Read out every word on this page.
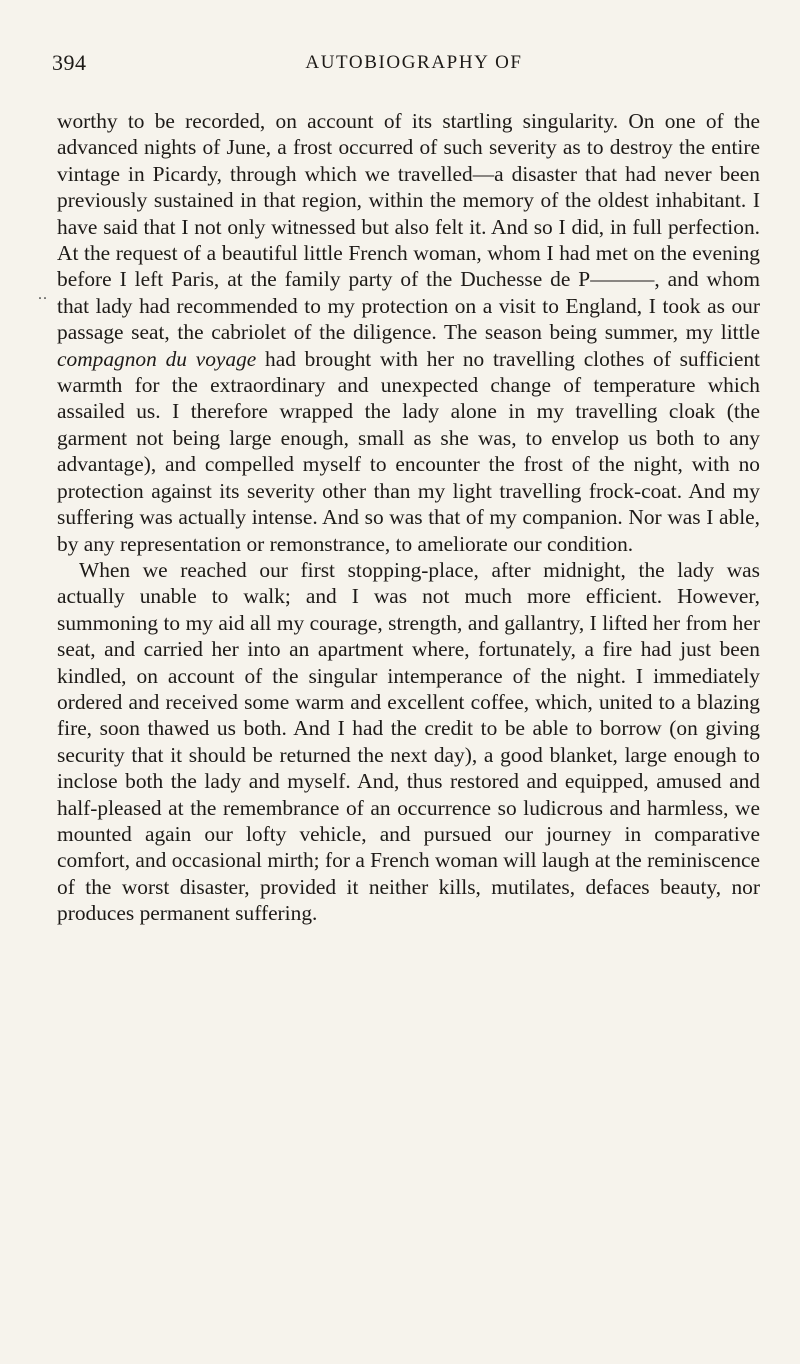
394	AUTOBIOGRAPHY OF
..

worthy to be recorded, on account of its startling singularity. On one of the advanced nights of June, a frost occurred of such severity as to destroy the entire vintage in Picardy, through which we travelled—a disaster that had never been previously sustained in that region, within the memory of the oldest inhabitant. I have said that I not only witnessed but also felt it. And so I did, in full perfection. At the request of a beautiful little French woman, whom I had met on the evening before I left Paris, at the family party of the Duchesse de P———, and whom that lady had recommended to my protection on a visit to England, I took as our passage seat, the cabriolet of the diligence. The season being summer, my little compagnon du voyage had brought with her no travelling clothes of sufficient warmth for the extraordinary and unexpected change of temperature which assailed us. I therefore wrapped the lady alone in my travelling cloak (the garment not being large enough, small as she was, to envelop us both to any advantage), and compelled myself to encounter the frost of the night, with no protection against its severity other than my light travelling frock-coat. And my suffering was actually intense. And so was that of my companion. Nor was I able, by any representation or remonstrance, to ameliorate our condition.

When we reached our first stopping-place, after midnight, the lady was actually unable to walk; and I was not much more efficient. However, summoning to my aid all my courage, strength, and gallantry, I lifted her from her seat, and carried her into an apartment where, fortunately, a fire had just been kindled, on account of the singular intemperance of the night. I immediately ordered and received some warm and excellent coffee, which, united to a blazing fire, soon thawed us both. And I had the credit to be able to borrow (on giving security that it should be returned the next day), a good blanket, large enough to inclose both the lady and myself. And, thus restored and equipped, amused and half-pleased at the remembrance of an occurrence so ludicrous and harmless, we mounted again our lofty vehicle, and pursued our journey in comparative comfort, and occasional mirth; for a French woman will laugh at the reminiscence of the worst disaster, provided it neither kills, mutilates, defaces beauty, nor produces permanent suffering.
